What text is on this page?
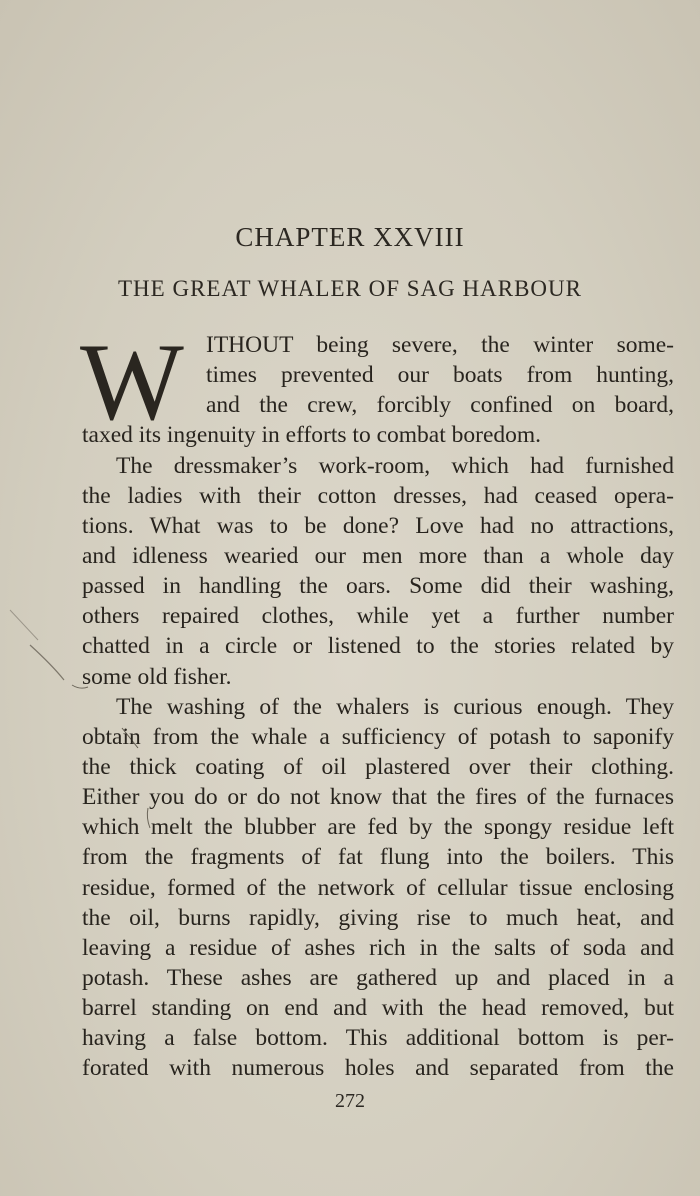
CHAPTER XXVIII
THE GREAT WHALER OF SAG HARBOUR
W ITHOUT being severe, the winter some-
times prevented our boats from hunting,
and the crew, forcibly confined on board,
taxed its ingenuity in efforts to combat boredom.
The dressmaker’s work-room, which had furnished
the ladies with their cotton dresses, had ceased opera-
tions. What was to be done? Love had no attractions,
and idleness wearied our men more than a whole day
passed in handling the oars. Some did their washing,
others repaired clothes, while yet a further number
chatted in a circle or listened to the stories related by
some old fisher.
The washing of the whalers is curious enough. They
obtain from the whale a sufficiency of potash to saponify
the thick coating of oil plastered over their clothing.
Either you do or do not know that the fires of the furnaces
which melt the blubber are fed by the spongy residue left
from the fragments of fat flung into the boilers. This
residue, formed of the network of cellular tissue enclosing
the oil, burns rapidly, giving rise to much heat, and
leaving a residue of ashes rich in the salts of soda and
potash. These ashes are gathered up and placed in a
barrel standing on end and with the head removed, but
having a false bottom. This additional bottom is per-
forated with numerous holes and separated from the
272
